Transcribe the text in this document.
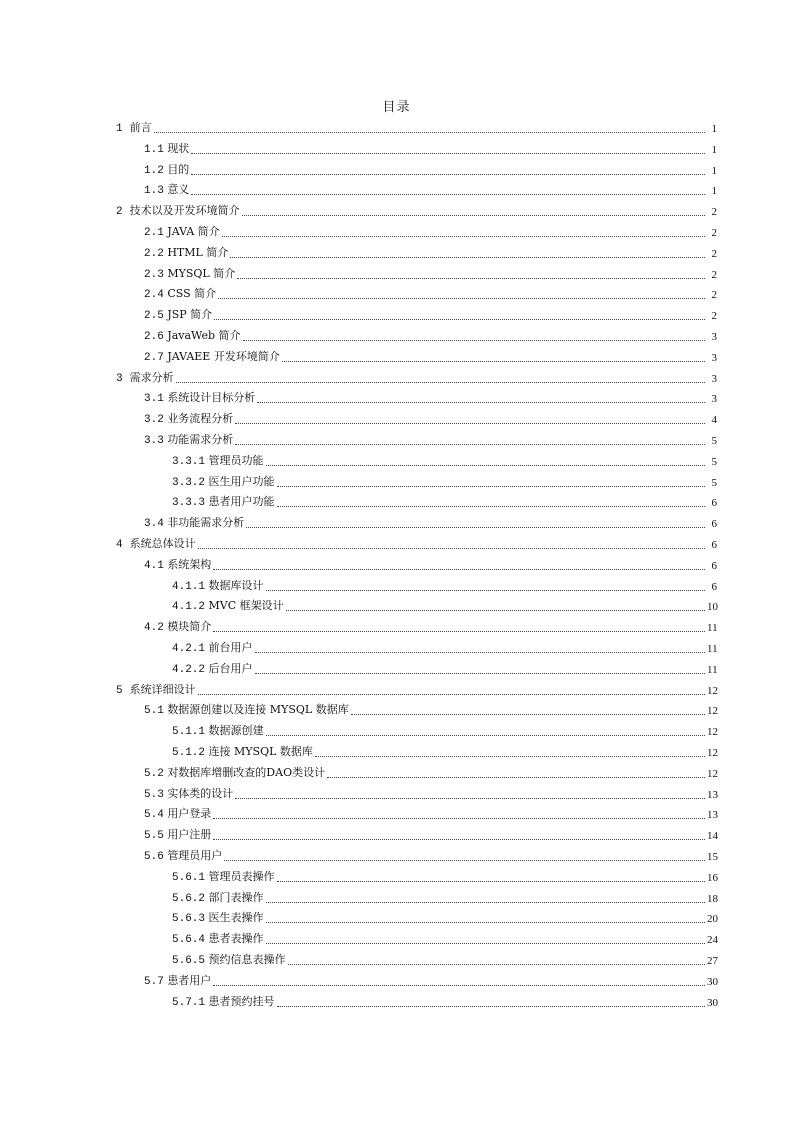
目录
1 前言	1
1.1 现状	1
1.2 目的	1
1.3 意义	1
2 技术以及开发环境简介	2
2.1 JAVA 简介	2
2.2 HTML 简介	2
2.3 MYSQL 简介	2
2.4 CSS 简介	2
2.5 JSP 简介	2
2.6 JavaWeb 简介	3
2.7 JAVAEE 开发环境简介	3
3 需求分析	3
3.1 系统设计目标分析	3
3.2 业务流程分析	4
3.3 功能需求分析	5
3.3.1 管理员功能	5
3.3.2 医生用户功能	5
3.3.3 患者用户功能	6
3.4 非功能需求分析	6
4 系统总体设计	6
4.1 系统架构	6
4.1.1 数据库设计	6
4.1.2 MVC 框架设计	10
4.2 模块简介	11
4.2.1 前台用户	11
4.2.2 后台用户	11
5 系统详细设计	12
5.1 数据源创建以及连接 MYSQL 数据库	12
5.1.1 数据源创建	12
5.1.2 连接 MYSQL 数据库	12
5.2 对数据库增删改查的DAO类设计	12
5.3 实体类的设计	13
5.4 用户登录	13
5.5 用户注册	14
5.6 管理员用户	15
5.6.1 管理员表操作	16
5.6.2 部门表操作	18
5.6.3 医生表操作	20
5.6.4 患者表操作	24
5.6.5 预约信息表操作	27
5.7 患者用户	30
5.7.1 患者预约挂号	30
